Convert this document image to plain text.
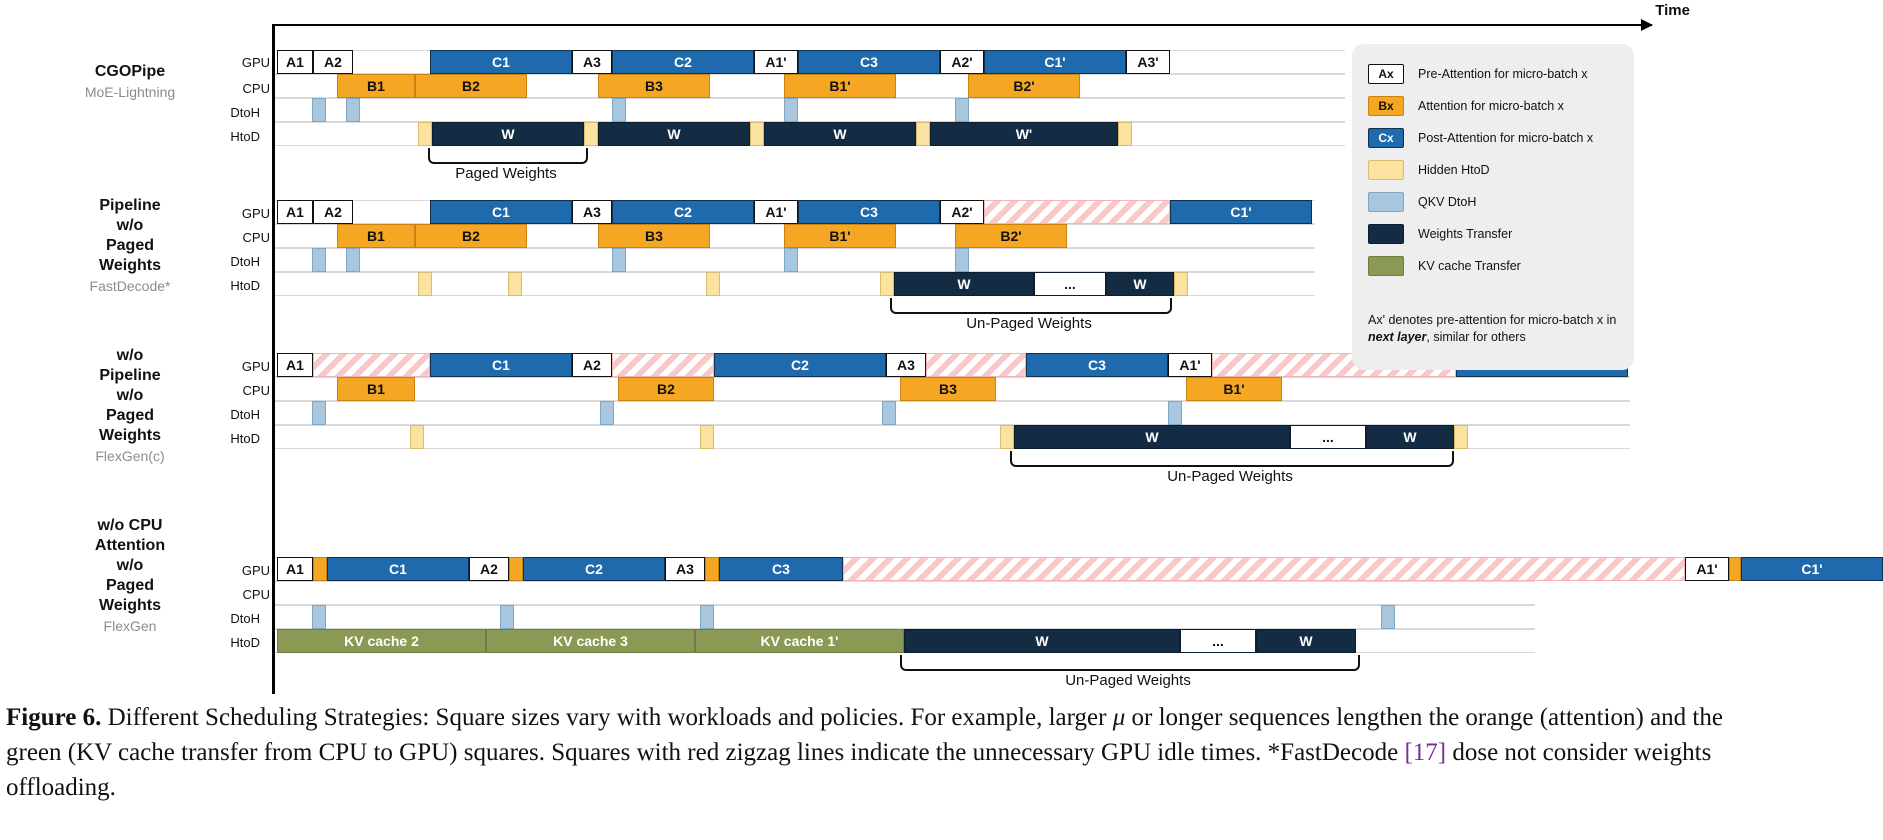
Time
CGOPipe
MoE-Lightning
GPU
CPU
DtoH
HtoD
A1	A2	C1	A3	C2	A1'	C3	A2'	C1'	A3'
B1	B2	B3	B1'	B2'
W	W	W	W'
Paged Weights
Pipeline
w/o
Paged
Weights
FastDecode*
GPU
CPU
DtoH
HtoD
A1	A2	C1	A3	C2	A1'	C3	A2'	C1'
B1	B2	B3	B1'	B2'
W	...	W
Un-Paged Weights
w/o
Pipeline
w/o
Paged
Weights
FlexGen(c)
GPU
CPU
DtoH
HtoD
A1	C1	A2	C2	A3	C3	A1'
B1	B2	B3	B1'
W	...	W
Un-Paged Weights
w/o CPU
Attention
w/o
Paged
Weights
FlexGen
GPU
CPU
DtoH
HtoD
A1	C1	A2	C2	A3	C3	A1'	C1'
KV cache 2	KV cache 3	KV cache 1'	W	...	W
Un-Paged Weights
Ax	Pre-Attention for micro-batch x
Bx	Attention for micro-batch x
Cx	Post-Attention for micro-batch x
Hidden HtoD
QKV DtoH
Weights Transfer
KV cache Transfer
Ax' denotes pre-attention for micro-batch x in next layer, similar for others
Figure 6. Different Scheduling Strategies: Square sizes vary with workloads and policies. For example, larger μ or longer sequences lengthen the orange (attention) and the green (KV cache transfer from CPU to GPU) squares. Squares with red zigzag lines indicate the unnecessary GPU idle times. *FastDecode [17] dose not consider weights offloading.
